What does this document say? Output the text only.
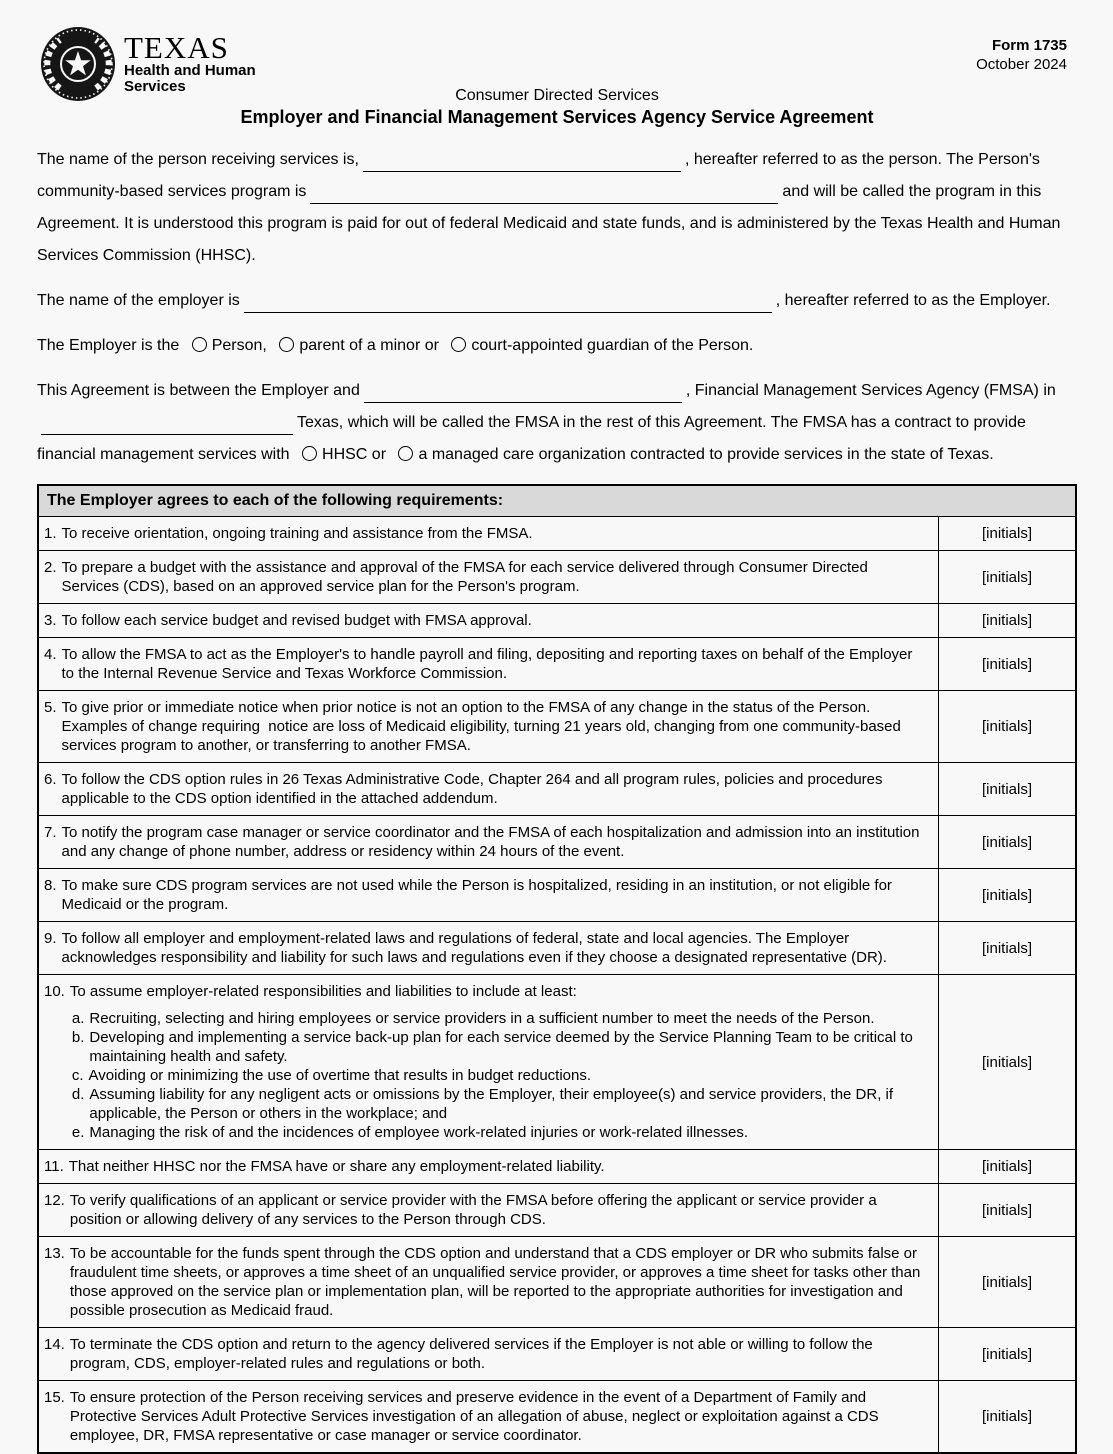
TEXAS
Health and Human
Services
Form 1735
October 2024
Consumer Directed Services
Employer and Financial Management Services Agency Service Agreement
The name of the person receiving services is,	, hereafter referred to as the person. The Person's community-based services program is	and will be called the program in this Agreement. It is understood this program is paid for out of federal Medicaid and state funds, and is administered by the Texas Health and Human Services Commission (HHSC).
The name of the employer is	, hereafter referred to as the Employer.
The Employer is the Person, parent of a minor or court-appointed guardian of the Person.
This Agreement is between the Employer and	, Financial Management Services Agency (FMSA) in Texas, which will be called the FMSA in the rest of this Agreement. The FMSA has a contract to provide financial management services with HHSC or a managed care organization contracted to provide services in the state of Texas.
The Employer agrees to each of the following requirements:	

1. To receive orientation, ongoing training and assistance from the FMSA.	[initials]

2. To prepare a budget with the assistance and approval of the FMSA for each service delivered through Consumer Directed Services (CDS), based on an approved service plan for the Person's program.	[initials]

3. To follow each service budget and revised budget with FMSA approval.	[initials]

4. To allow the FMSA to act as the Employer's to handle payroll and filing, depositing and reporting taxes on behalf of the Employer to the Internal Revenue Service and Texas Workforce Commission.	[initials]

5. To give prior or immediate notice when prior notice is not an option to the FMSA of any change in the status of the Person. Examples of change requiring  notice are loss of Medicaid eligibility, turning 21 years old, changing from one community-based services program to another, or transferring to another FMSA.	[initials]

6. To follow the CDS option rules in 26 Texas Administrative Code, Chapter 264 and all program rules, policies and procedures applicable to the CDS option identified in the attached addendum.	[initials]

7. To notify the program case manager or service coordinator and the FMSA of each hospitalization and admission into an institution and any change of phone number, address or residency within 24 hours of the event.	[initials]

8. To make sure CDS program services are not used while the Person is hospitalized, residing in an institution, or not eligible for Medicaid or the program.	[initials]

9. To follow all employer and employment-related laws and regulations of federal, state and local agencies. The Employer acknowledges responsibility and liability for such laws and regulations even if they choose a designated representative (DR).	[initials]

10. To assume employer-related responsibilities and liabilities to include at least:
a. Recruiting, selecting and hiring employees or service providers in a sufficient number to meet the needs of the Person.
b. Developing and implementing a service back-up plan for each service deemed by the Service Planning Team to be critical to maintaining health and safety.
c. Avoiding or minimizing the use of overtime that results in budget reductions.
d. Assuming liability for any negligent acts or omissions by the Employer, their employee(s) and service providers, the DR, if applicable, the Person or others in the workplace; and
e. Managing the risk of and the incidences of employee work-related injuries or work-related illnesses.
	[initials]

11. That neither HHSC nor the FMSA have or share any employment-related liability.	[initials]

12. To verify qualifications of an applicant or service provider with the FMSA before offering the applicant or service provider a position or allowing delivery of any services to the Person through CDS.	[initials]

13. To be accountable for the funds spent through the CDS option and understand that a CDS employer or DR who submits false or fraudulent time sheets, or approves a time sheet of an unqualified service provider, or approves a time sheet for tasks other than those approved on the service plan or implementation plan, will be reported to the appropriate authorities for investigation and possible prosecution as Medicaid fraud.	[initials]

14. To terminate the CDS option and return to the agency delivered services if the Employer is not able or willing to follow the program, CDS, employer-related rules and regulations or both.	[initials]

15. To ensure protection of the Person receiving services and preserve evidence in the event of a Department of Family and Protective Services Adult Protective Services investigation of an allegation of abuse, neglect or exploitation against a CDS employee, DR, FMSA representative or case manager or service coordinator.	[initials]
